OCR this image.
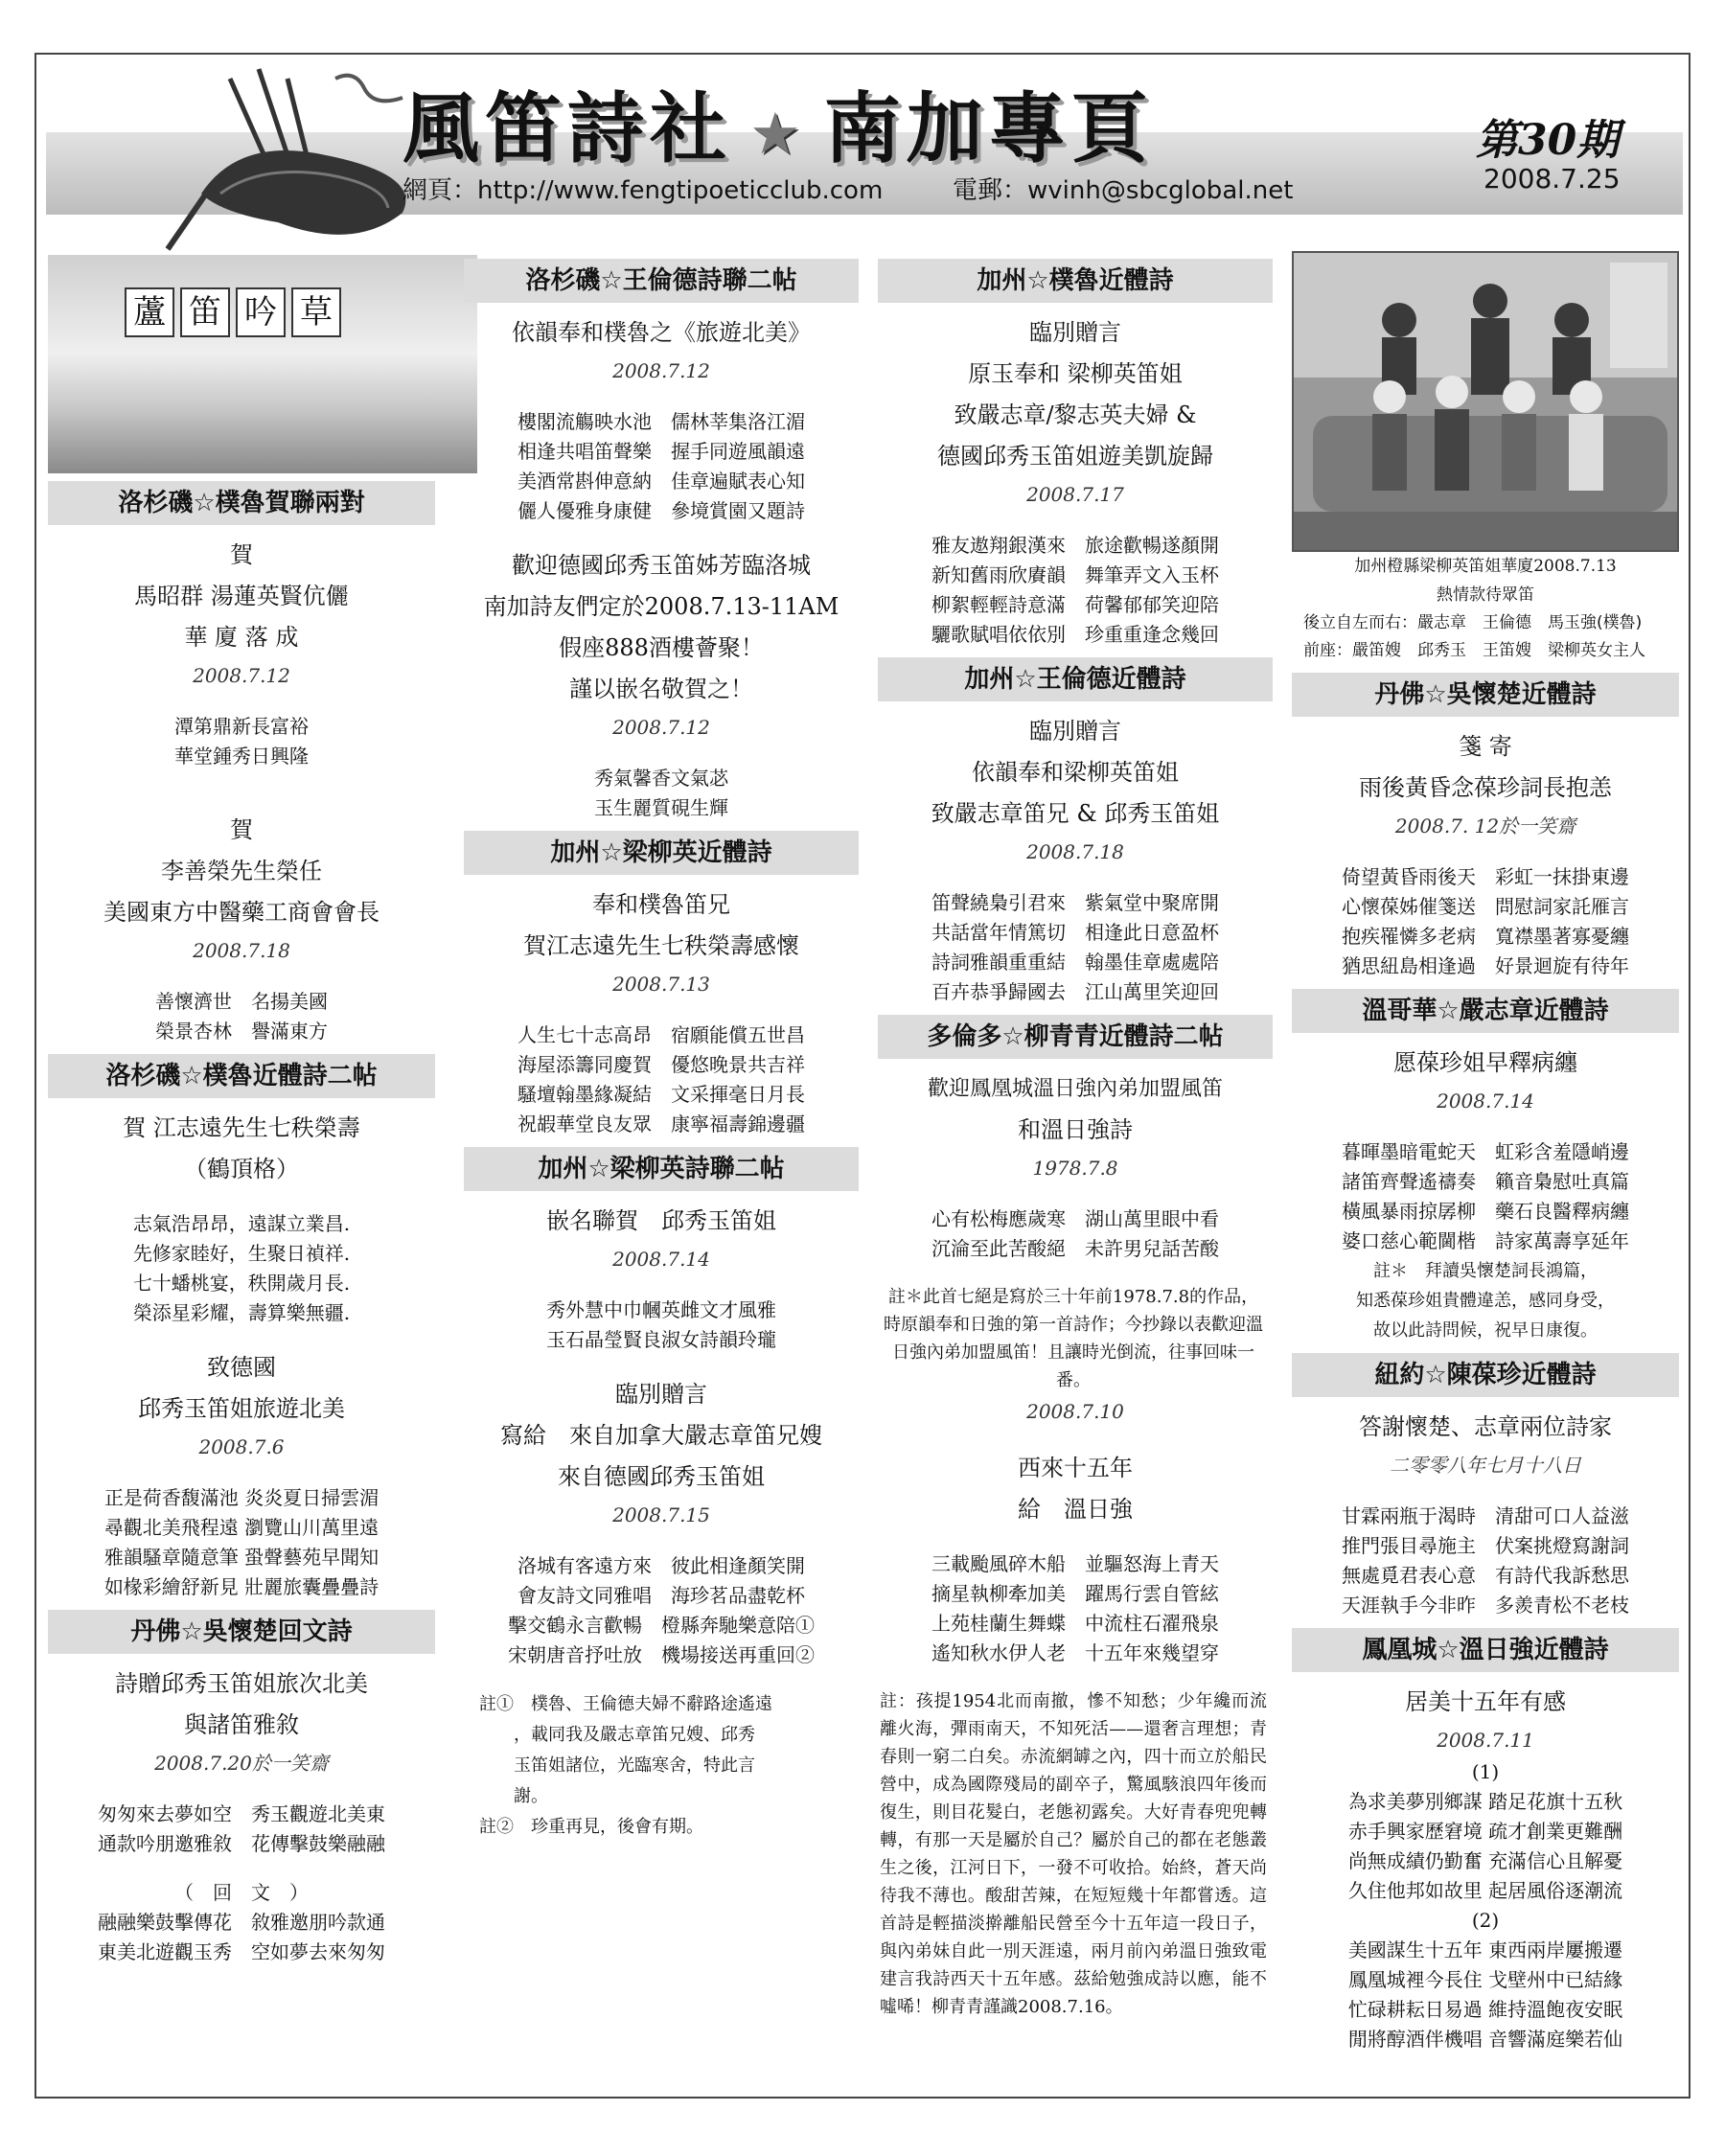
風笛詩社 ★ 南加專頁	第30期
2008.7.25
網頁：http://www.fengtipoeticclub.com	電郵：wvinh@sbcglobal.net
蘆 笛 吟 草
洛杉磯☆樸魯賀聯兩對
賀
馬昭群 湯蓮英賢伉儷
華 廈 落 成
2008.7.12
潭第鼎新長富裕
華堂鍾秀日興隆
賀
李善榮先生榮任
美國東方中醫藥工商會會長
2008.7.18
善懷濟世　名揚美國
榮景杏林　譽滿東方
洛杉磯☆樸魯近體詩二帖
賀 江志遠先生七秩榮壽
（鶴頂格）
志氣浩昂昂，遠謀立業昌.
先修家睦好，生聚日禎祥.
七十蟠桃宴，秩開歲月長.
榮添星彩耀，壽算樂無疆.
致德國
邱秀玉笛姐旅遊北美
2008.7.6
正是荷香馥滿池 炎炎夏日掃雲湄
尋觀北美飛程遠 瀏覽山川萬里遠
雅韻騷章隨意筆 蛩聲藝苑早聞知
如椽彩繪舒新見 壯麗旅囊疊疊詩
丹佛☆吳懷楚回文詩
詩贈邱秀玉笛姐旅次北美
與諸笛雅敘
2008.7.20於一笑齋
匆匆來去夢如空　秀玉觀遊北美東
通款吟朋邀雅敘　花傳擊鼓樂融融
（　回　文　）
融融樂鼓擊傳花　敘雅邀朋吟款通
東美北遊觀玉秀　空如夢去來匆匆
洛杉磯☆王倫德詩聯二帖
依韻奉和樸魯之《旅遊北美》
2008.7.12
樓閣流觴映水池　儒林莘集洛江湄
相逢共唱笛聲樂　握手同遊風韻遠
美酒常斟伸意納　佳章遍賦表心知
儷人優雅身康健　參境賞園又題詩
歡迎德國邱秀玉笛姊芳臨洛城
南加詩友們定於2008.7.13-11AM
假座888酒樓薈聚！
謹以嵌名敬賀之！
2008.7.12
秀氣馨香文氣苾
玉生麗質硯生輝
加州☆梁柳英近體詩
奉和樸魯笛兄
賀江志遠先生七秩榮壽感懷
2008.7.13
人生七十志高昂　宿願能償五世昌
海屋添籌同慶賀　優悠晚景共吉祥
騷壇翰墨緣凝結　文采揮毫日月長
祝嘏華堂良友眾　康寧福壽錦邊疆
加州☆梁柳英詩聯二帖
嵌名聯賀　邱秀玉笛姐
2008.7.14
秀外慧中巾幗英雌文才風雅
玉石晶瑩賢良淑女詩韻玲瓏
臨別贈言
寫給　來自加拿大嚴志章笛兄嫂
來自德國邱秀玉笛姐
2008.7.15
洛城有客遠方來　彼此相逢顏笑開
會友詩文同雅唱　海珍茗品盡乾杯
擊交鶴永言歡暢　橙縣奔馳樂意陪①
宋朝唐音抒吐放　機場接送再重回②
註①　樸魯、王倫德夫婦不辭路途遙遠
　　，載同我及嚴志章笛兄嫂、邱秀
　　玉笛姐諸位，光臨寒舍，特此言
　　謝。
註②　珍重再見，後會有期。
加州☆樸魯近體詩
臨別贈言
原玉奉和 梁柳英笛姐
致嚴志章/黎志英夫婦 &
德國邱秀玉笛姐遊美凱旋歸
2008.7.17
雅友遨翔銀漢來　旅途歡暢遂顏開
新知舊雨欣賡韻　舞筆弄文入玉杯
柳絮輕輕詩意滿　荷馨郁郁笑迎陪
驪歌賦唱依依別　珍重重逢念幾回
加州☆王倫德近體詩
臨別贈言
依韻奉和梁柳英笛姐
致嚴志章笛兄 & 邱秀玉笛姐
2008.7.18
笛聲繞梟引君來　紫氣堂中聚席開
共話當年情篤切　相逢此日意盈杯
詩詞雅韻重重結　翰墨佳章處處陪
百卉恭爭歸國去　江山萬里笑迎回
多倫多☆柳青青近體詩二帖
歡迎鳳凰城溫日強內弟加盟風笛
和溫日強詩
1978.7.8
心有松梅應歲寒　湖山萬里眼中看
沉淪至此苦酸絕　未許男兒話苦酸
註＊此首七絕是寫於三十年前1978.7.8的作品，時原韻奉和日強的第一首詩作；今抄錄以表歡迎溫日強內弟加盟風笛！且讓時光倒流，往事回味一番。
2008.7.10
西來十五年
給　溫日強
三載颱風碎木船　並驅怒海上青天
摘星執柳牽加美　躍馬行雲自管絃
上苑桂蘭生舞蝶　中流柱石濯飛泉
遙知秋水伊人老　十五年來幾望穿
註：孩提1954北而南撤，慘不知愁；少年纔而流離火海，彈雨南天，不知死活——還奢言理想；青春則一窮二白矣。赤流網罅之內，四十而立於船民營中，成為國際殘局的副卒子，驚風駭浪四年後而復生，則目花髮白，老態初露矣。大好青春兜兜轉轉，有那一天是屬於自己？屬於自己的都在老態叢生之後，江河日下，一發不可收拾。始終，蒼天尚待我不薄也。酸甜苦辣，在短短幾十年都嘗透。這首詩是輕描淡擀離船民營至今十五年這一段日子，與內弟妹自此一別天涯遠，兩月前內弟溫日強致電建言我詩西天十五年感。茲給勉強成詩以應，能不噓唏！柳青青謹識2008.7.16。
加州橙縣梁柳英笛姐華廈2008.7.13
熱情款待眾笛
後立自左而右：嚴志章　王倫德　馬玉強(樸魯)
前座：嚴笛嫂　邱秀玉　王笛嫂　梁柳英女主人
丹佛☆吳懷楚近體詩
箋 寄
雨後黃昏念葆珍詞長抱恙
2008.7. 12於一笑齋
倚望黃昏雨後天　彩虹一抹掛東邊
心懷葆姊催箋送　問慰詞家託雁言
抱疾罹憐多老病　寬襟墨著寡憂纏
猶思紐島相逢過　好景迴旋有待年
溫哥華☆嚴志章近體詩
愿葆珍姐早釋病纏
2008.7.14
暮暉墨暗電蛇天　虹彩含羞隱峭邊
諸笛齊聲遙禱奏　籟音梟慰吐真篇
橫風暴雨掠孱柳　藥石良醫釋病纏
婆口慈心範閫楷　詩家萬壽享延年
註＊　拜讀吳懷楚詞長鴻篇，
知悉葆珍姐貴體違恙，感同身受，
故以此詩問候，祝早日康復。
紐約☆陳葆珍近體詩
答謝懷楚、志章兩位詩家
二零零八年七月十八日
甘霖兩瓶于渴時　清甜可口人益滋
推門張目尋施主　伏案挑燈寫謝詞
無處覓君表心意　有詩代我訴愁思
天涯執手今非昨　多羨青松不老枝
鳳凰城☆溫日強近體詩
居美十五年有感
2008.7.11
(1)
為求美夢別鄉謀 踏足花旗十五秋
赤手興家歷窘境 疏才創業更難酬
尚無成績仍勤奮 充滿信心且解憂
久住他邦如故里 起居風俗逐潮流
(2)
美國謀生十五年 東西兩岸屢搬遷
鳳凰城裡今長住 戈壁州中已結緣
忙碌耕耘日易過 維持溫飽夜安眠
閒將醇酒伴機唱 音響滿庭樂若仙
